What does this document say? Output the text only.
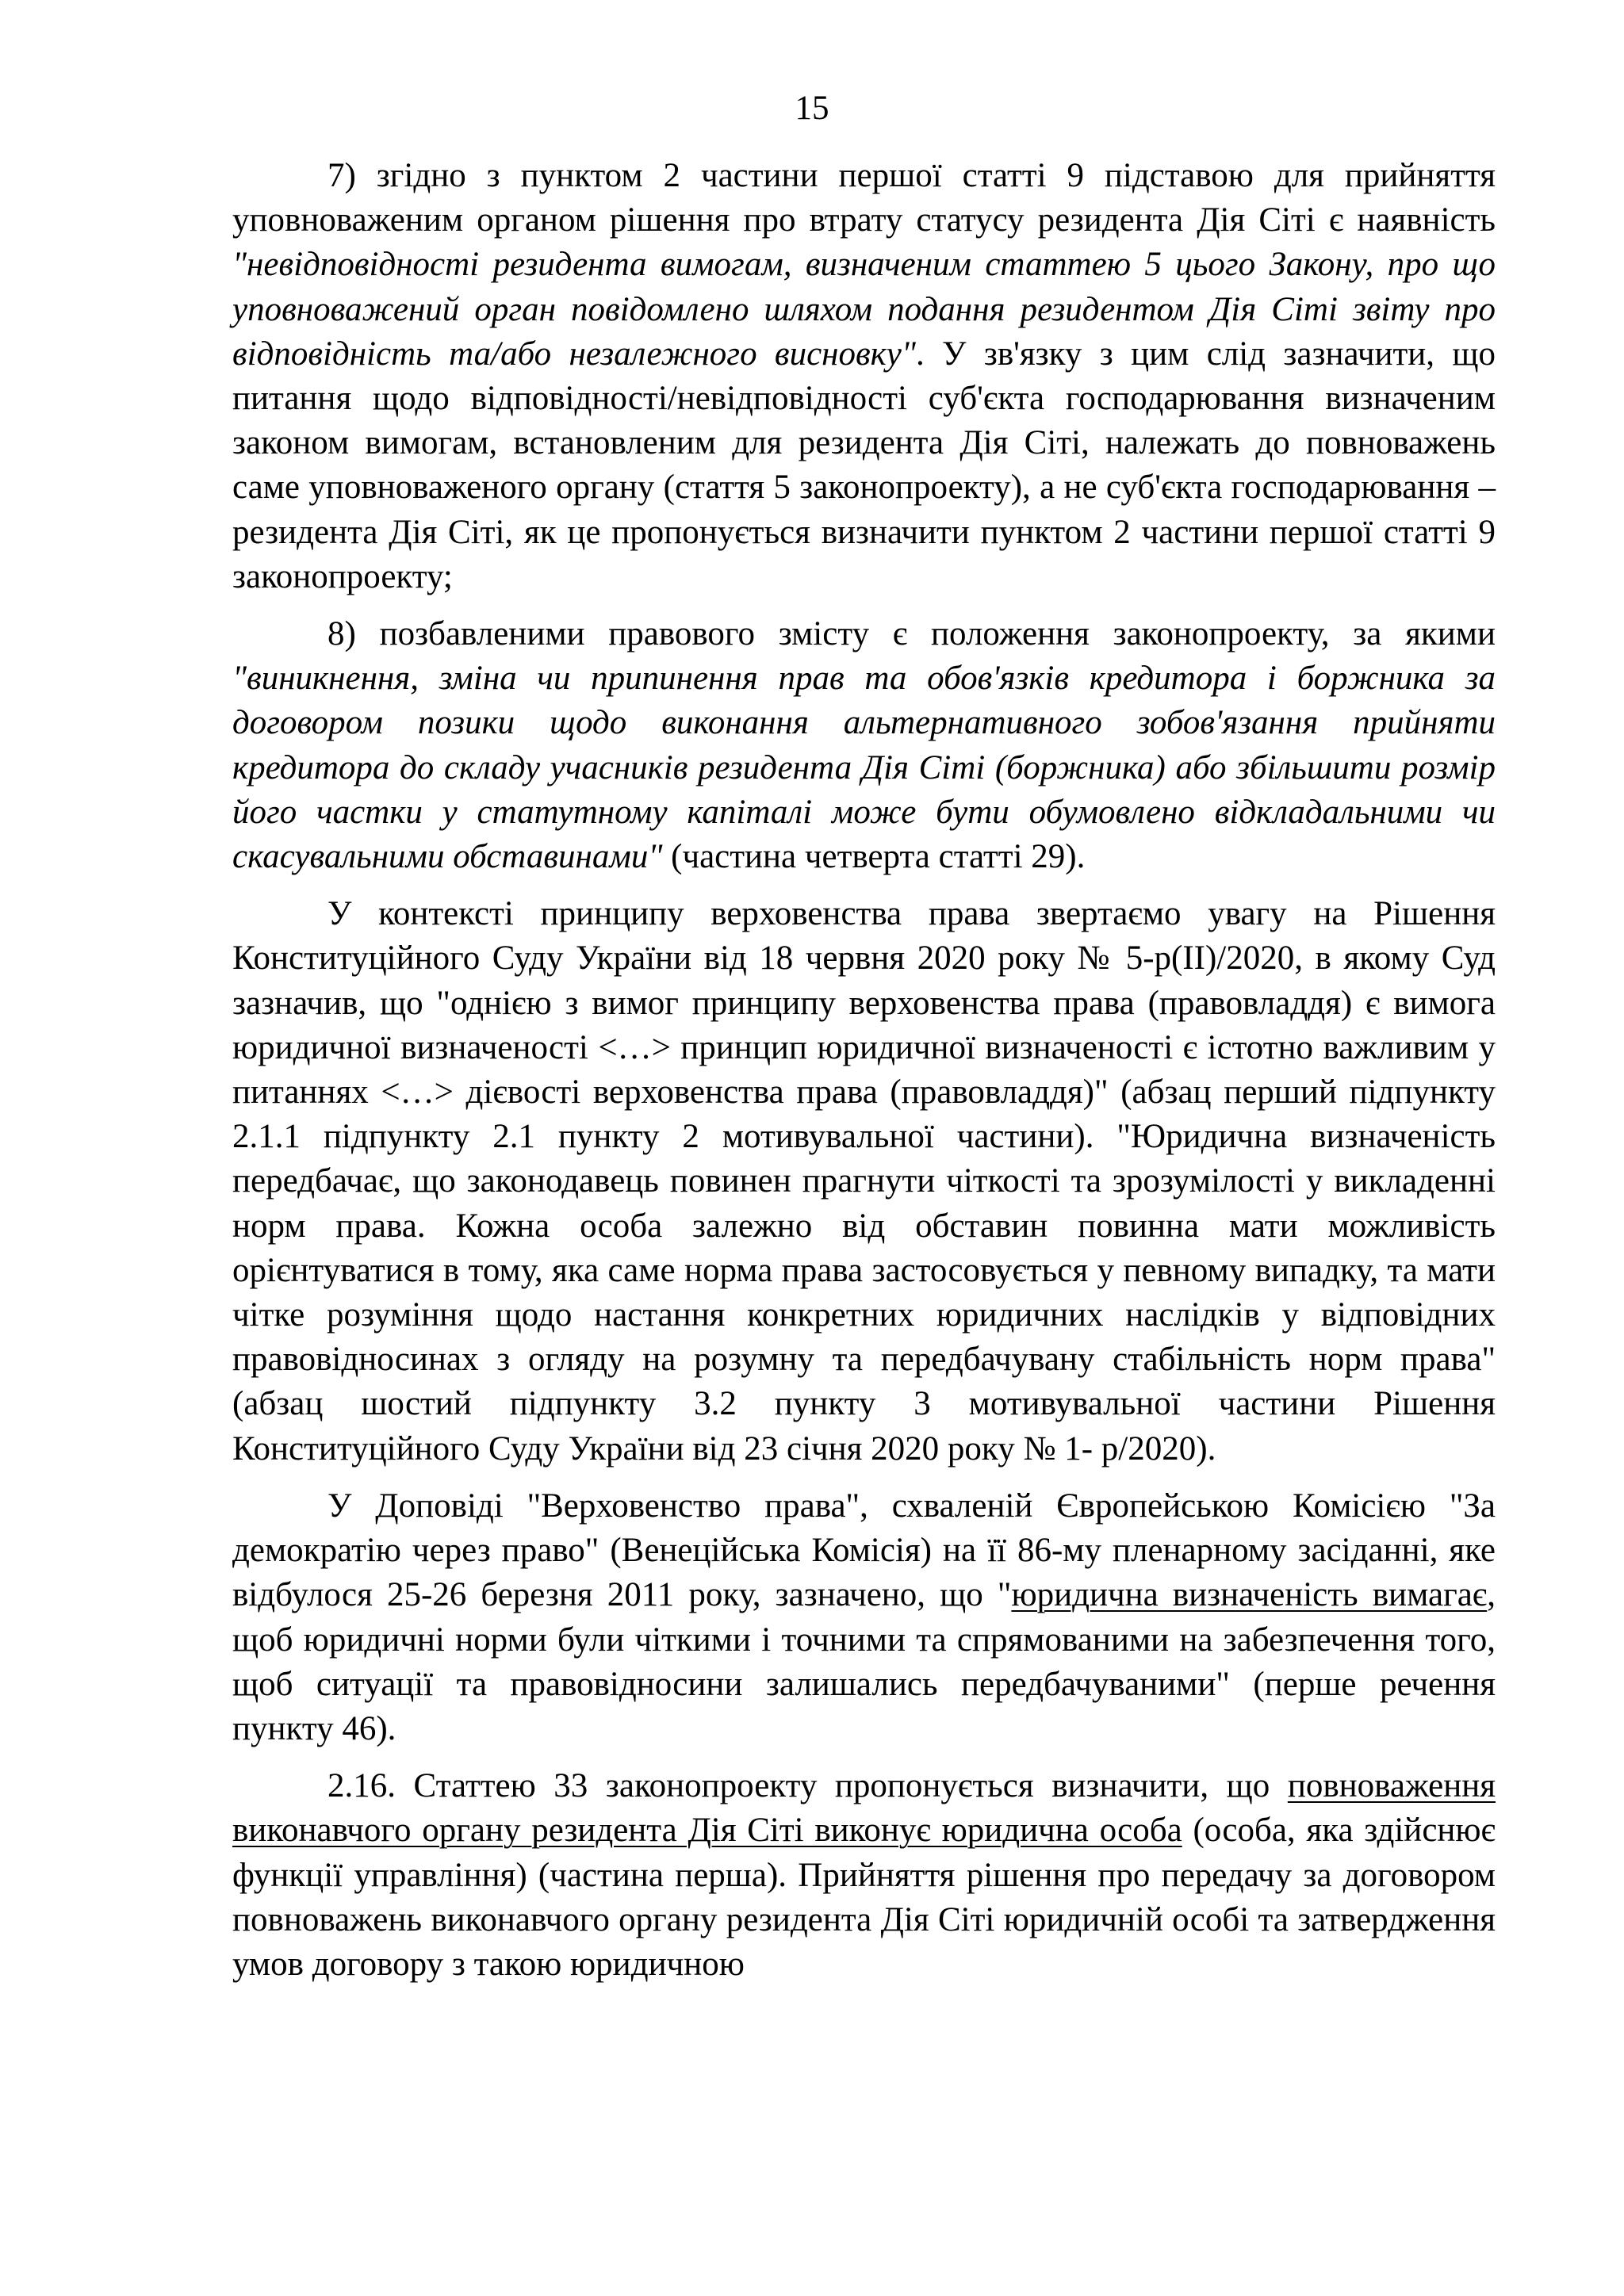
15

7) згідно з пунктом 2 частини першої статті 9 підставою для прийняття уповноваженим органом рішення про втрату статусу резидента Дія Сіті є наявність "невідповідності резидента вимогам, визначеним статтею 5 цього Закону, про що уповноважений орган повідомлено шляхом подання резидентом Дія Сіті звіту про відповідність та/або незалежного висновку". У зв'язку з цим слід зазначити, що питання щодо відповідності/невідповідності суб'єкта господарювання визначеним законом вимогам, встановленим для резидента Дія Сіті, належать до повноважень саме уповноваженого органу (стаття 5 законопроекту), а не суб'єкта господарювання – резидента Дія Сіті, як це пропонується визначити пунктом 2 частини першої статті 9 законопроекту;

8) позбавленими правового змісту є положення законопроекту, за якими "виникнення, зміна чи припинення прав та обов'язків кредитора і боржника за договором позики щодо виконання альтернативного зобов'язання прийняти кредитора до складу учасників резидента Дія Сіті (боржника) або збільшити розмір його частки у статутному капіталі може бути обумовлено відкладальними чи скасувальними обставинами" (частина четверта статті 29).

У контексті принципу верховенства права звертаємо увагу на Рішення Конституційного Суду України від 18 червня 2020 року № 5-р(ІІ)/2020, в якому Суд зазначив, що "однією з вимог принципу верховенства права (правовладдя) є вимога юридичної визначеності <…> принцип юридичної визначеності є істотно важливим у питаннях <…> дієвості верховенства права (правовладдя)" (абзац перший підпункту 2.1.1 підпункту 2.1 пункту 2 мотивувальної частини). "Юридична визначеність передбачає, що законодавець повинен прагнути чіткості та зрозумілості у викладенні норм права. Кожна особа залежно від обставин повинна мати можливість орієнтуватися в тому, яка саме норма права застосовується у певному випадку, та мати чітке розуміння щодо настання конкретних юридичних наслідків у відповідних правовідносинах з огляду на розумну та передбачувану стабільність норм права" (абзац шостий підпункту 3.2 пункту 3 мотивувальної частини Рішення Конституційного Суду України від 23 січня 2020 року № 1- р/2020).

У Доповіді "Верховенство права", схваленій Європейською Комісією "За демократію через право" (Венеційська Комісія) на її 86-му пленарному засіданні, яке відбулося 25-26 березня 2011 року, зазначено, що "юридична визначеність вимагає, щоб юридичні норми були чіткими і точними та спрямованими на забезпечення того, щоб ситуації та правовідносини залишались передбачуваними" (перше речення пункту 46).

2.16. Статтею 33 законопроекту пропонується визначити, що повноваження виконавчого органу резидента Дія Сіті виконує юридична особа (особа, яка здійснює функції управління) (частина перша). Прийняття рішення про передачу за договором повноважень виконавчого органу резидента Дія Сіті юридичній особі та затвердження умов договору з такою юридичною
